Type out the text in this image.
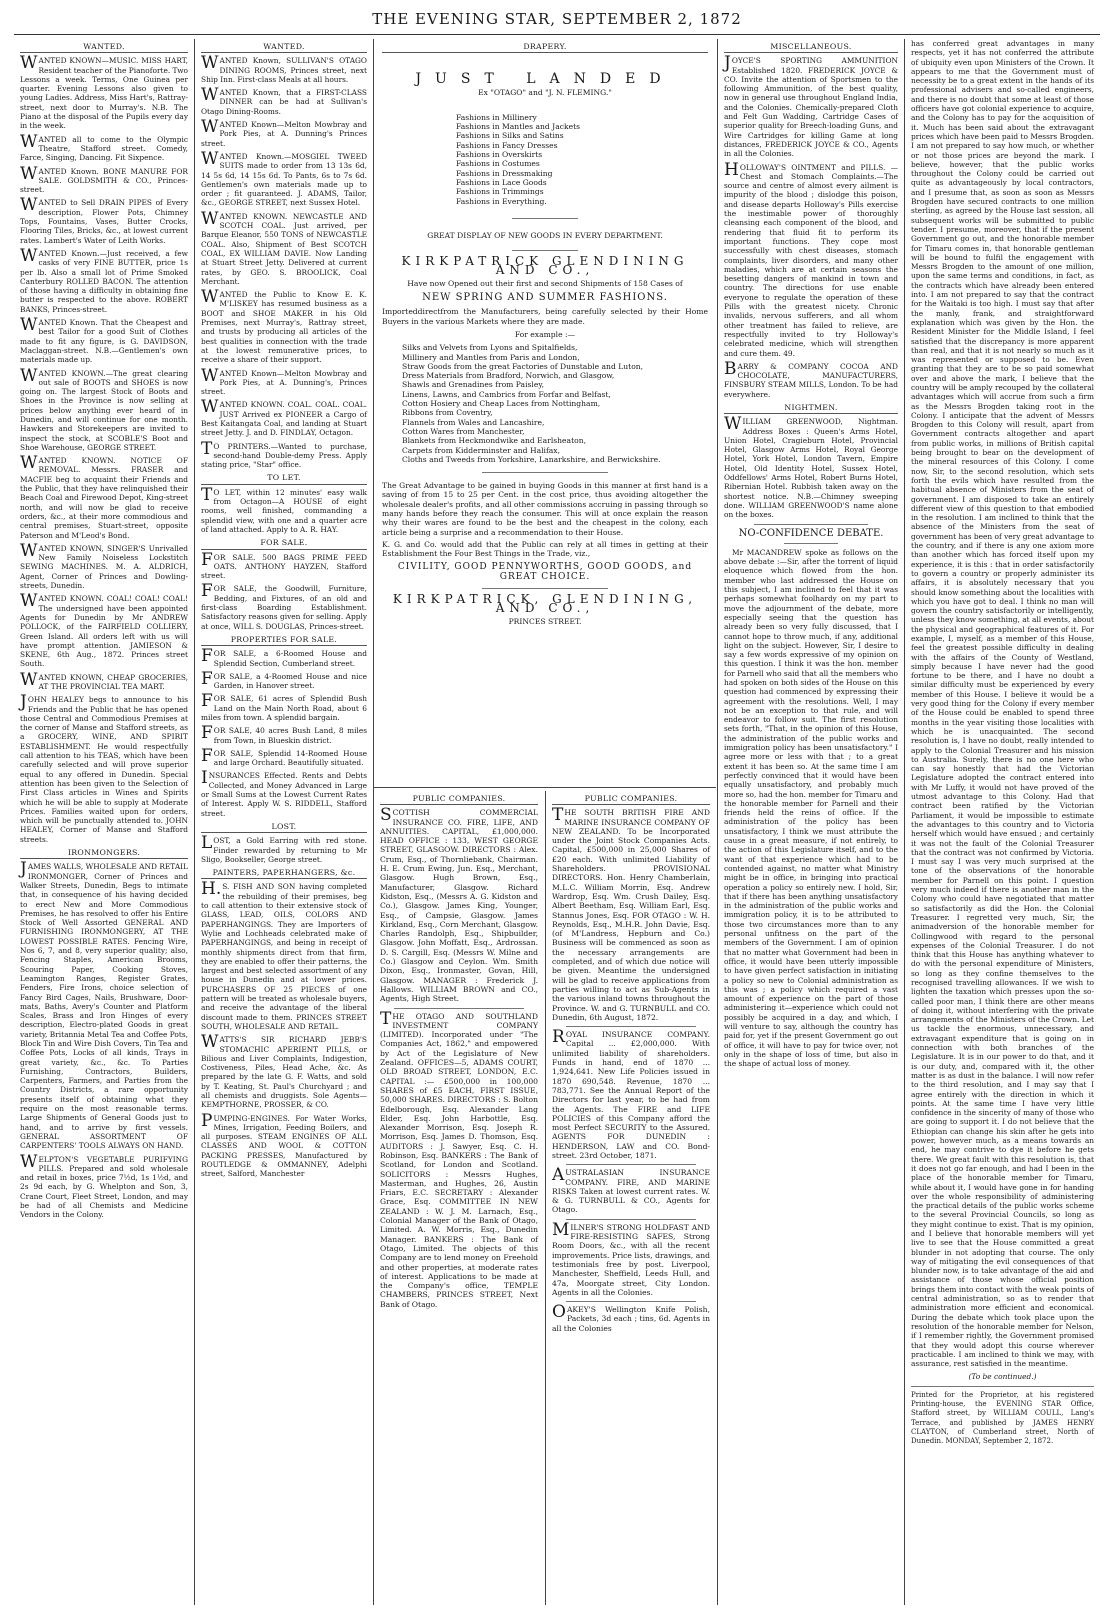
THE EVENING STAR, SEPTEMBER 2, 1872
WANTED.

WANTED KNOWN—MUSIC. MISS HART, Resident teacher of the Pianoforte. Two Lessons a week. Terms, One Guinea per quarter. Evening Lessons also given to young Ladies. Address, Miss Hart's, Rattray-street, next door to Murray's. N.B. The Piano at the disposal of the Pupils every day in the week.

WANTED all to come to the Olympic Theatre, Stafford street. Comedy, Farce, Singing, Dancing. Fit Sixpence.

WANTED Known. BONE MANURE FOR SALE. GOLDSMITH & CO., Princes-street.

WANTED to Sell DRAIN PIPES of Every description, Flower Pots, Chimney Tops, Fountains, Vases, Butter Crocks, Flooring Tiles, Bricks, &c., at lowest current rates. Lambert's Water of Leith Works.

WANTED Known.—Just received, a few casks of very FINE BUTTER, price 1s per lb. Also a small lot of Prime Smoked Canterbury ROLLED BACON. The attention of those having a difficulty in obtaining fine butter is respected to the above. ROBERT BANKS, Princes-street.

WANTED Known. That the Cheapest and best Tailor for a good Suit of Clothes made to fit any figure, is G. DAVIDSON, Maclaggan-street. N.B.—Gentlemen's own materials made up.

WANTED KNOWN.—The great clearing out sale of BOOTS and SHOES is now going on. The largest Stock of Boots and Shoes in the Province is now selling at prices below anything ever heard of in Dunedin, and will continue for one month. Hawkers and Storekeepers are invited to inspect the stock, at SCOBLE'S Boot and Shoe Warehouse, GEORGE STREET.

WANTED KNOWN. NOTICE OF REMOVAL. Messrs. FRASER and MACFIE beg to acquaint their Friends and the Public, that they have relinquished their Beach Coal and Firewood Depot, King-street north, and will now be glad to receive orders, &c., at their more commodious and central premises, Stuart-street, opposite Paterson and M'Leod's Bond.

WANTED KNOWN, SINGER'S Unrivalled New Family Noiseless Lockstitch SEWING MACHINES. M. A. ALDRICH, Agent, Corner of Princes and Dowling-streets, Dunedin.

WANTED KNOWN. COAL! COAL! COAL! The undersigned have been appointed Agents for Dunedin by Mr ANDREW POLLOCK, of the FAIRFIELD COLLIERY, Green Island. All orders left with us will have prompt attention. JAMIESON & SKENE, 6th Aug., 1872. Princes street South.

WANTED KNOWN, CHEAP GROCERIES, AT THE PROVINCIAL TEA MART.

JOHN HEALEY begs to announce to his Friends and the Public that he has opened those Central and Commodious Premises at the corner of Manse and Stafford streets, as a GROCERY, WINE, AND SPIRIT ESTABLISHMENT. He would respectfully call attention to his TEAS, which have been carefully selected and will prove superior equal to any offered in Dunedin. Special attention has been given to the Selection of First Class articles in Wines and Spirits which he will be able to supply at Moderate Prices. Families waited upon for orders, which will be punctually attended to. JOHN HEALEY, Corner of Manse and Stafford streets.

IRONMONGERS.

JAMES WALLS, WHOLESALE AND RETAIL IRONMONGER, Corner of Princes and Walker Streets, Dunedin, Begs to intimate that, in consequence of his having decided to erect New and More Commodious Premises, he has resolved to offer his Entire Stock of Well Assorted GENERAL AND FURNISHING IRONMONGERY, AT THE LOWEST POSSIBLE RATES. Fencing Wire, Nos 6, 7, and 8, very superior quality; also, Fencing Staples, American Brooms, Scouring Paper, Cooking Stoves, Leamington Ranges, Register Grates, Fenders, Fire Irons, choice selection of Fancy Bird Cages, Nails, Brushware, Door-mats, Baths, Avery's Counter and Platform Scales, Brass and Iron Hinges of every description, Electro-plated Goods in great variety, Britannia Metal Tea and Coffee Pots, Block Tin and Wire Dish Covers, Tin Tea and Coffee Pots, Locks of all kinds, Trays in great variety, &c., &c. To Parties Furnishing, Contractors, Builders, Carpenters, Farmers, and Parties from the Country Districts, a rare opportunity presents itself of obtaining what they require on the most reasonable terms. Large Shipments of General Goods just to hand, and to arrive by first vessels. GENERAL ASSORTMENT OF CARPENTERS' TOOLS ALWAYS ON HAND.

WELPTON'S VEGETABLE PURIFYING PILLS. Prepared and sold wholesale and retail in boxes, price 7½d, 1s 1½d, and 2s 9d each, by G. Whelpton and Son, 3, Crane Court, Fleet Street, London, and may be had of all Chemists and Medicine Vendors in the Colony.

WANTED.

WANTED Known, SULLIVAN'S OTAGO DINING ROOMS, Princes street, next Ship Inn. First-class Meals at all hours.

WANTED Known, that a FIRST-CLASS DINNER can be had at Sullivan's Otago Dining-Rooms.

WANTED Known—Melton Mowbray and Pork Pies, at A. Dunning's Princes street.

WANTED Known.—MOSGIEL TWEED SUITS made to order from 13 13s 6d, 14 5s 6d, 14 15s 6d. To Pants, 6s to 7s 6d. Gentlemen's own materials made up to order ; fit guaranteed. J. ADAMS, Tailor, &c., GEORGE STREET, next Sussex Hotel.

WANTED KNOWN. NEWCASTLE AND SCOTCH COAL. Just arrived, per Barque Eleanor, 550 TONS of NEWCASTLE COAL. Also, Shipment of Best SCOTCH COAL, EX WILLIAM DAVIE. Now Landing at Stuart Street Jetty. Delivered at current rates, by GEO. S. BROOLICK, Coal Merchant.

WANTED the Public to Know E. K. M'LISKEY has resumed business as a BOOT and SHOE MAKER in his Old Premises, next Murray's, Rattray street, and trusts by producing all articles of the best qualities in connection with the trade at the lowest remunerative prices, to receive a share of their support.

WANTED Known—Melton Mowbray and Pork Pies, at A. Dunning's, Princes street.

WANTED KNOWN. COAL. COAL. COAL. JUST Arrived ex PIONEER a Cargo of Best Kaitangata Coal, and landing at Stuart street Jetty. J. and D. FINDLAY, Octagon.

TO PRINTERS.—Wanted to purchase, second-hand Double-demy Press. Apply stating price, "Star" office.

TO LET.

TO LET, within 12 minutes' easy walk from Octagon—A HOUSE of eight rooms, well finished, commanding a splendid view, with one and a quarter acre of land attached. Apply to A. R. HAY.

FOR SALE.

FOR SALE. 500 BAGS PRIME FEED OATS. ANTHONY HAYZEN, Stafford street.

FOR SALE, the Goodwill, Furniture, Bedding, and Fixtures, of an old and first-class Boarding Establishment. Satisfactory reasons given for selling. Apply at once, WILL S. DOUGLAS, Princes-street.

PROPERTIES FOR SALE.

FOR SALE, a 6-Roomed House and Splendid Section, Cumberland street.

FOR SALE, a 4-Roomed House and nice Garden, in Hanover street.

FOR SALE, 61 acres of Splendid Bush Land on the Main North Road, about 6 miles from town. A splendid bargain.

FOR SALE, 40 acres Bush Land, 8 miles from Town, in Blueskin district.

FOR SALE, Splendid 14-Roomed House and large Orchard. Beautifully situated.

INSURANCES Effected. Rents and Debts Collected, and Money Advanced in Large or Small Sums at the Lowest Current Rates of Interest. Apply W. S. RIDDELL, Stafford street.

LOST.

LOST, a Gold Earring with red stone. Finder rewarded by returning to Mr Sligo, Bookseller, George street.

PAINTERS, PAPERHANGERS, &c.

H.S. FISH AND SON having completed the rebuilding of their premises, beg to call attention to their extensive stock of GLASS, LEAD, OILS, COLORS AND PAPERHANGINGS. They are Importers of Wylie and Lochheads celebrated make of PAPERHANGINGS, and being in receipt of monthly shipments direct from that firm, they are enabled to offer their patterns, the largest and best selected assortment of any house in Dunedin and at lower prices. PURCHASERS OF 25 PIECES of one pattern will be treated as wholesale buyers, and receive the advantage of the liberal discount made to them. PRINCES STREET SOUTH, WHOLESALE AND RETAIL.

WATTS'S SIR RICHARD JEBB'S STOMACHIC APERIENT PILLS, or Bilious and Liver Complaints, Indigestion, Costiveness, Piles, Head Ache, &c. As prepared by the late G. F. Watts, and sold by T. Keating, St. Paul's Churchyard ; and all chemists and druggists. Sole Agents—KEMPTHORNE, PROSSER, & CO.

PUMPING-ENGINES. For Water Works, Mines, Irrigation, Feeding Boilers, and all purposes. STEAM ENGINES OF ALL CLASSES AND WOOL & COTTON PACKING PRESSES, Manufactured by ROUTLEDGE & OMMANNEY, Adelphi street, Salford, Manchester

DRAPERY.
JUST LANDED
Ex "OTAGO" and "J. N. FLEMING."
Fashions in Millinery
Fashions in Mantles and Jackets
Fashions in Silks and Satins
Fashions in Fancy Dresses
Fashions in Overskirts
Fashions in Costumes
Fashions in Dressmaking
Fashions in Lace Goods
Fashions in Trimmings
Fashions in Everything.
GREAT DISPLAY OF NEW GOODS IN EVERY DEPARTMENT.
KIRKPATRICK GLENDINING AND CO.,
Have now Opened out their first and second Shipments of 158 Cases of
NEW SPRING AND SUMMER FASHIONS.

Importeddirectfrom the Manufacturers, being carefully selected by their Home Buyers in the various Markets where they are made.

For example :—
Silks and Velvets from Lyons and Spitalfields,
Millinery and Mantles from Paris and London,
Straw Goods from the great Factories of Dunstable and Luton,
Dress Materials from Bradford, Norwich, and Glasgow,
Shawls and Grenadines from Paisley,
Linens, Lawns, and Cambrics from Forfar and Belfast,
Cotton Hosiery and Cheap Laces from Nottingham,
Ribbons from Coventry,
Flannels from Wales and Lancashire,
Cotton Wares from Manchester,
Blankets from Heckmondwike and Earlsheaton,
Carpets from Kidderminster and Halifax,
Cloths and Tweeds from Yorkshire, Lanarkshire, and Berwickshire.

The Great Advantage to be gained in buying Goods in this manner at first hand is a saving of from 15 to 25 per Cent. in the cost price, thus avoiding altogether the wholesale dealer's profits, and all other commissions accruing in passing through so many hands before they reach the consumer. This will at once explain the reason why their wares are found to be the best and the cheapest in the colony, each article being a surprise and a recommendation to their House.

K. G. and Co. would add that the Public can rely at all times in getting at their Establishment the Four Best Things in the Trade, viz.,

CIVILITY, GOOD PENNYWORTHS, GOOD GOODS, and GREAT CHOICE.
KIRKPATRICK, GLENDINING, AND CO.,
PRINCES STREET.
PUBLIC COMPANIES.

SCOTTISH COMMERCIAL INSURANCE CO. FIRE, LIFE, AND ANNUITIES. CAPITAL, £1,000,000. HEAD OFFICE : 133, WEST GEORGE STREET, GLASGOW. DIRECTORS : Alex. Crum, Esq., of Thornliebank, Chairman. H. E. Crum Ewing, Jun. Esq., Merchant, Glasgow. Hugh Brown, Esq., Manufacturer, Glasgow. Richard Kidston, Esq., (Messrs A. G. Kidston and Co.), Glasgow. James King, Younger, Esq., of Campsie, Glasgow. James Kirkland, Esq., Corn Merchant, Glasgow. Charles Randolph, Esq., Shipbuilder, Glasgow. John Moffatt, Esq., Ardrossan. D. S. Cargill, Esq. (Messrs W. Milne and Co.) Glasgow and Ceylon. Wm. Smith Dixon, Esq., Ironmaster, Govan, Hill, Glasgow. MANAGER : Frederick J. Hallows. WILLIAM BROWN and CO., Agents, High Street.

THE OTAGO AND SOUTHLAND INVESTMENT COMPANY (LIMITED). Incorporated under "The Companies Act, 1862," and empowered by Act of the Legislature of New Zealand. OFFICES—5, ADAMS COURT, OLD BROAD STREET, LONDON, E.C. CAPITAL :— £500,000 in 100,000 SHARES of £5 EACH, FIRST ISSUE, 50,000 SHARES. DIRECTORS : S. Bolton Edelborough, Esq. Alexander Lang Elder, Esq. John Harbottle, Esq. Alexander Morrison, Esq. Joseph R. Morrison, Esq. James D. Thomson, Esq. AUDITORS : J. Sawyer, Esq. C. H. Robinson, Esq. BANKERS : The Bank of Scotland, for London and Scotland. SOLICITORS : Messrs Hughes, Masterman, and Hughes, 26, Austin Friars, E.C. SECRETARY : Alexander Grace, Esq. COMMITTEE IN NEW ZEALAND : W. J. M. Larnach, Esq., Colonial Manager of the Bank of Otago, Limited. A. W. Morris, Esq., Dunedin Manager. BANKERS : The Bank of Otago, Limited. The objects of this Company are to lend money on Freehold and other properties, at moderate rates of interest. Applications to be made at the Company's office, TEMPLE CHAMBERS, PRINCES STREET, Next Bank of Otago.

PUBLIC COMPANIES.

THE SOUTH BRITISH FIRE AND MARINE INSURANCE COMPANY OF NEW ZEALAND. To be Incorporated under the Joint Stock Companies Acts. Capital, £500,000 in 25,000 Shares of £20 each. With unlimited Liability of Shareholders. PROVISIONAL DIRECTORS. Hon. Henry Chamberlain, M.L.C. William Morrin, Esq. Andrew Wardrop, Esq. Wm. Crush Dailey, Esq. Albert Beetham, Esq. William Earl, Esq. Stannus Jones, Esq. FOR OTAGO : W. H. Reynolds, Esq., M.H.R. John Davie, Esq. (of M'Landress, Hepburn and Co.) Business will be commenced as soon as the necessary arrangements are completed, and of which due notice will be given. Meantime the undersigned will be glad to receive applications from parties willing to act as Sub-Agents in the various inland towns throughout the Province. W. and G. TURNBULL and CO. Dunedin, 6th August, 1872.

ROYAL INSURANCE COMPANY. Capital ... £2,000,000. With unlimited liability of shareholders. Funds in hand, end of 1870 ... 1,924,641. New Life Policies issued in 1870 690,548. Revenue, 1870 ... 783,771. See the Annual Report of the Directors for last year, to be had from the Agents. The FIRE and LIFE POLICIES of this Company afford the most Perfect SECURITY to the Assured. AGENTS FOR DUNEDIN : HENDERSON, LAW and CO. Bond-street. 23rd October, 1871.

AUSTRALASIAN INSURANCE COMPANY. FIRE, AND MARINE RISKS Taken at lowest current rates. W. & G. TURNBULL & CO., Agents for Otago.

MILNER'S STRONG HOLDFAST AND FIRE-RESISTING SAFES, Strong Room Doors, &c., with all the recent improvements. Price lists, drawings, and testimonials free by post. Liverpool, Manchester, Sheffield, Leeds Hull, and 47a, Moorgate street, City London. Agents in all the Colonies.

OAKEY'S Wellington Knife Polish, Packets, 3d each ; tins, 6d. Agents in all the Colonies

MISCELLANEOUS.

JOYCE'S SPORTING AMMUNITION Established 1820. FREDERICK JOYCE & CO. Invite the attention of Sportsmen to the following Ammunition, of the best quality, now in general use throughout England India, and the Colonies. Chemically-prepared Cloth and Felt Gun Wadding, Cartridge Cases of superior quality for Breech-loading Guns, and Wire Cartridges for killing Game at long distances, FREDERICK JOYCE & CO., Agents in all the Colonies.

HOLLOWAY'S OINTMENT and PILLS. —Chest and Stomach Complaints.—The source and centre of almost every ailment is impurity of the blood ; dislodge this poison, and disease departs Holloway's Pills exercise the inestimable power of thoroughly cleansing each component of the blood, and rendering that fluid fit to perform its important functions. They cope most successfully with chest diseases, stomach complaints, liver disorders, and many other maladies, which are at certain seasons the besetting dangers of mankind in town and country. The directions for use enable everyone to regulate the operation of these Pills with the greatest nicety. Chronic invalids, nervous sufferers, and all whom other treatment has failed to relieve, are respectfully invited to try Holloway's celebrated medicine, which will strengthen and cure them. 49.

BARRY & COMPANY COCOA AND CHOCOLATE, MANUFACTURERS, FINSBURY STEAM MILLS, London. To be had everywhere.

NIGHTMEN.

WILLIAM GREENWOOD, Nightman. Address Boxes : Queen's Arms Hotel, Union Hotel, Cragieburn Hotel, Provincial Hotel, Glasgow Arms Hotel, Royal George Hotel, York Hotel, London Tavern, Empire Hotel, Old Identity Hotel, Sussex Hotel, Oddfellows' Arms Hotel, Robert Burns Hotel, Ribernian Hotel. Rubbish taken away on the shortest notice. N.B.—Chimney sweeping done. WILLIAM GREENWOOD'S name alone on the boxes.

NO-CONFIDENCE DEBATE.

Mr MACANDREW spoke as follows on the above debate :—Sir, after the torrent of liquid eloquence which flowed from the hon. member who last addressed the House on this subject, I am inclined to feel that it was perhaps somewhat foolhardy on my part to move the adjournment of the debate, more especially seeing that the question has already been so very fully discussed, that I cannot hope to throw much, if any, additional light on the subject. However, Sir, I desire to say a few words expressive of my opinion on this question. I think it was the hon. member for Parnell who said that all the members who had spoken on both sides of the House on this question had commenced by expressing their agreement with the resolutions. Well, I may not be an exception to that rule, and will endeavor to follow suit. The first resolution sets forth, "That, in the opinion of this House, the administration of the public works and immigration policy has been unsatisfactory." I agree more or less with that ; to a great extent it has been so. At the same time I am perfectly convinced that it would have been equally unsatisfactory, and probably much more so, had the hon. member for Timaru and the honorable member for Parnell and their friends held the reins of office. If the administration of the policy has been unsatisfactory, I think we must attribute the cause in a great measure, if not entirely, to the action of this Legislature itself, and to the want of that experience which had to be contended against, no matter what Ministry might be in office, in bringing into practical operation a policy so entirely new. I hold, Sir, that if there has been anything unsatisfactory in the administration of the public works and immigration policy, it is to be attributed to those two circumstances more than to any personal unfitness on the part of the members of the Government. I am of opinion that no matter what Government had been in office, it would have been utterly impossible to have given perfect satisfaction in initiating a policy so new to Colonial administration as this was ; a policy which required a vast amount of experience on the part of those administering it—experience which could not possibly be acquired in a day, and which, I will venture to say, although the country has paid for, yet if the present Government go out of office, it will have to pay for twice over, not only in the shape of loss of time, but also in the shape of actual loss of money.

has conferred great advantages in many respects, yet it has not conferred the attribute of ubiquity even upon Ministers of the Crown. It appears to me that the Government must of necessity be to a great extent in the hands of its professional advisers and so-called engineers, and there is no doubt that some at least of those officers have got colonial experience to acquire, and the Colony has to pay for the acquisition of it. Much has been said about the extravagant prices which have been paid to Messrs Brogden. I am not prepared to say how much, or whether or not those prices are beyond the mark. I believe, however, that the public works throughout the Colony could be carried out quite as advantageously by local contractors, and I presume that, as soon as soon as Messrs Brogden have secured contracts to one million sterling, as agreed by the House last session, all subsequent works will be submitted to public tender. I presume, moreover, that if the present Government go out, and the honorable member for Timaru comes in, that honorable gentleman will be bound to fulfil the engagement with Messrs Brogden to the amount of one million, upon the same terms and conditions, in fact, as the contracts which have already been entered into. I am not prepared to say that the contract for the Waitaki is too high. I must say that after the manly, frank, and straightforward explanation which was given by the Hon. the Resident Minister for the Middle Island, I feel satisfied that the discrepancy is more apparent than real, and that it is not nearly so much as it was represented or supposed to be. Even granting that they are to be so paid somewhat over and above the mark, I believe that the country will be amply recouped by the collateral advantages which will accrue from such a firm as the Messrs Brogden taking root in the Colony. I anticipate that the advent of Messrs Brogden to this Colony will result, apart from Government contracts altogether and apart from public works, in millions of British capital being brought to bear on the development of the mineral resources of this Colony. I come now, Sir, to the second resolution, which sets forth the evils which have resulted from the habitual absence of Ministers from the seat of government. I am disposed to take an entirely different view of this question to that embodied in the resolution. I am inclined to think that the absence of the Ministers from the seat of government has been of very great advantage to the country, and if there is any one axiom more than another which has forced itself upon my experience, it is this : that in order satisfactorily to govern a country or properly administer its affairs, it is absolutely necessary that you should know something about the localities with which you have got to deal. I think no man will govern the country satisfactorily or intelligently, unless they know something, at all events, about the physical and geographical features of it. For example, I, myself, as a member of this House, feel the greatest possible difficulty in dealing with the affairs of the County of Westland, simply because I have never had the good fortune to be there, and I have no doubt a similar difficulty must be experienced by every member of this House. I believe it would be a very good thing for the Colony if every member of the House could be enabled to spend three months in the year visiting those localities with which he is unacquainted. The second resolution is, I have no doubt, really intended to apply to the Colonial Treasurer and his mission to Australia. Surely, there is no one here who can say honestly that had the Victorian Legislature adopted the contract entered into with Mr Luffy, it would not have proved of the utmost advantage to this Colony. Had that contract been ratified by the Victorian Parliament, it would be impossible to estimate the advantages to this country and to Victoria herself which would have ensued ; and certainly it was not the fault of the Colonial Treasurer that the contract was not confirmed by Victoria. I must say I was very much surprised at the tone of the observations of the honorable member for Parnell on this point. I question very much indeed if there is another man in the Colony who could have negotiated that matter so satisfactorily as did the Hon. the Colonial Treasurer. I regretted very much, Sir, the animadversion of the honorable member for Collingwood with regard to the personal expenses of the Colonial Treasurer. I do not think that this House has anything whatever to do with the personal expenditure of Ministers, so long as they confine themselves to the recognised travelling allowances. If we wish to lighten the taxation which presses upon the so-called poor man, I think there are other means of doing it, without interfering with the private arrangements of the Ministers of the Crown. Let us tackle the enormous, unnecessary, and extravagant expenditure that is going on in connection with both branches of the Legislature. It is in our power to do that, and it is our duty, and, compared with it, the other matter is as dust in the balance. I will now refer to the third resolution, and I may say that I agree entirely with the direction in which it points. At the same time I have very little confidence in the sincerity of many of those who are going to support it. I do not believe that the Ethiopian can change his skin after he gets into power, however much, as a means towards an end, he may contrive to dye it before he gets there. We great fault with this resolution is, that it does not go far enough, and had I been in the place of the honorable member for Timaru, while about it, I would have gone in for handing over the whole responsibility of administering the practical details of the public works scheme to the several Provincial Councils, so long as they might continue to exist. That is my opinion, and I believe that honorable members will yet live to see that the House committed a great blunder in not adopting that course. The only way of mitigating the evil consequences of that blunder now, is to take advantage of the aid and assistance of those whose official position brings them into contact with the weak points of central administration, so as to render that administration more efficient and economical. During the debate which took place upon the resolution of the honorable member for Nelson, if I remember rightly, the Government promised that they would adopt this course wherever practicable. I am inclined to think we may, with assurance, rest satisfied in the meantime.

(To be continued.)

Printed for the Proprietor, at his registered Printing-house, the EVENING STAR Office, Stafford street, by WILLIAM COULL, Lang's Terrace, and published by JAMES HENRY CLAYTON, of Cumberland street, North of Dunedin. MONDAY, September 2, 1872.
